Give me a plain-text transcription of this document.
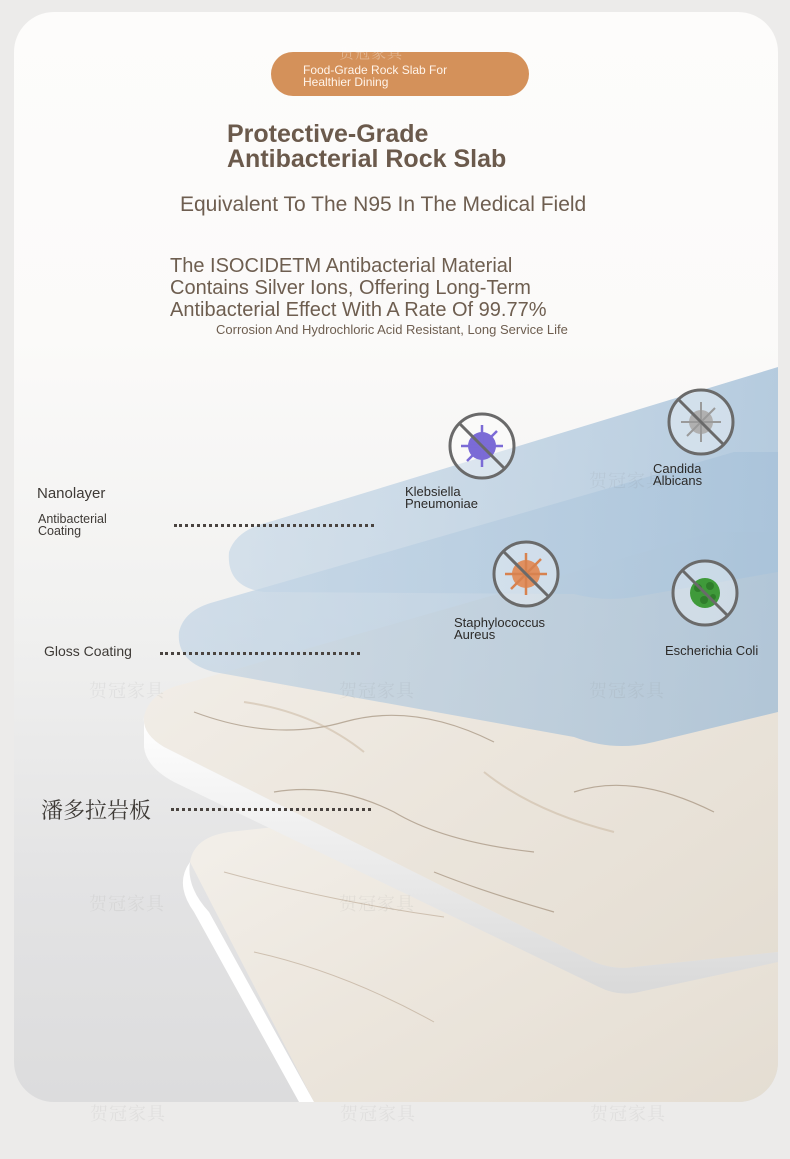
贺冠家具	贺冠家具	贺冠家具
贺冠家具
贺冠家具	贺冠家具
Food-Grade Rock Slab For
Healthier Dining
贺冠家具
Protective-Grade
Antibacterial Rock Slab
Equivalent To The N95 In The Medical Field
The ISOCIDETM Antibacterial Material
Contains Silver Ions, Offering Long-Term
Antibacterial Effect With A Rate Of 99.77%
Corrosion And Hydrochloric Acid Resistant, Long Service Life
Nanolayer
Antibacterial
Coating
Gloss Coating
潘多拉岩板
Klebsiella
Pneumoniae
Candida
Albicans
Staphylococcus
Aureus
Escherichia Coli
贺冠家具	贺冠家具	贺冠家具
